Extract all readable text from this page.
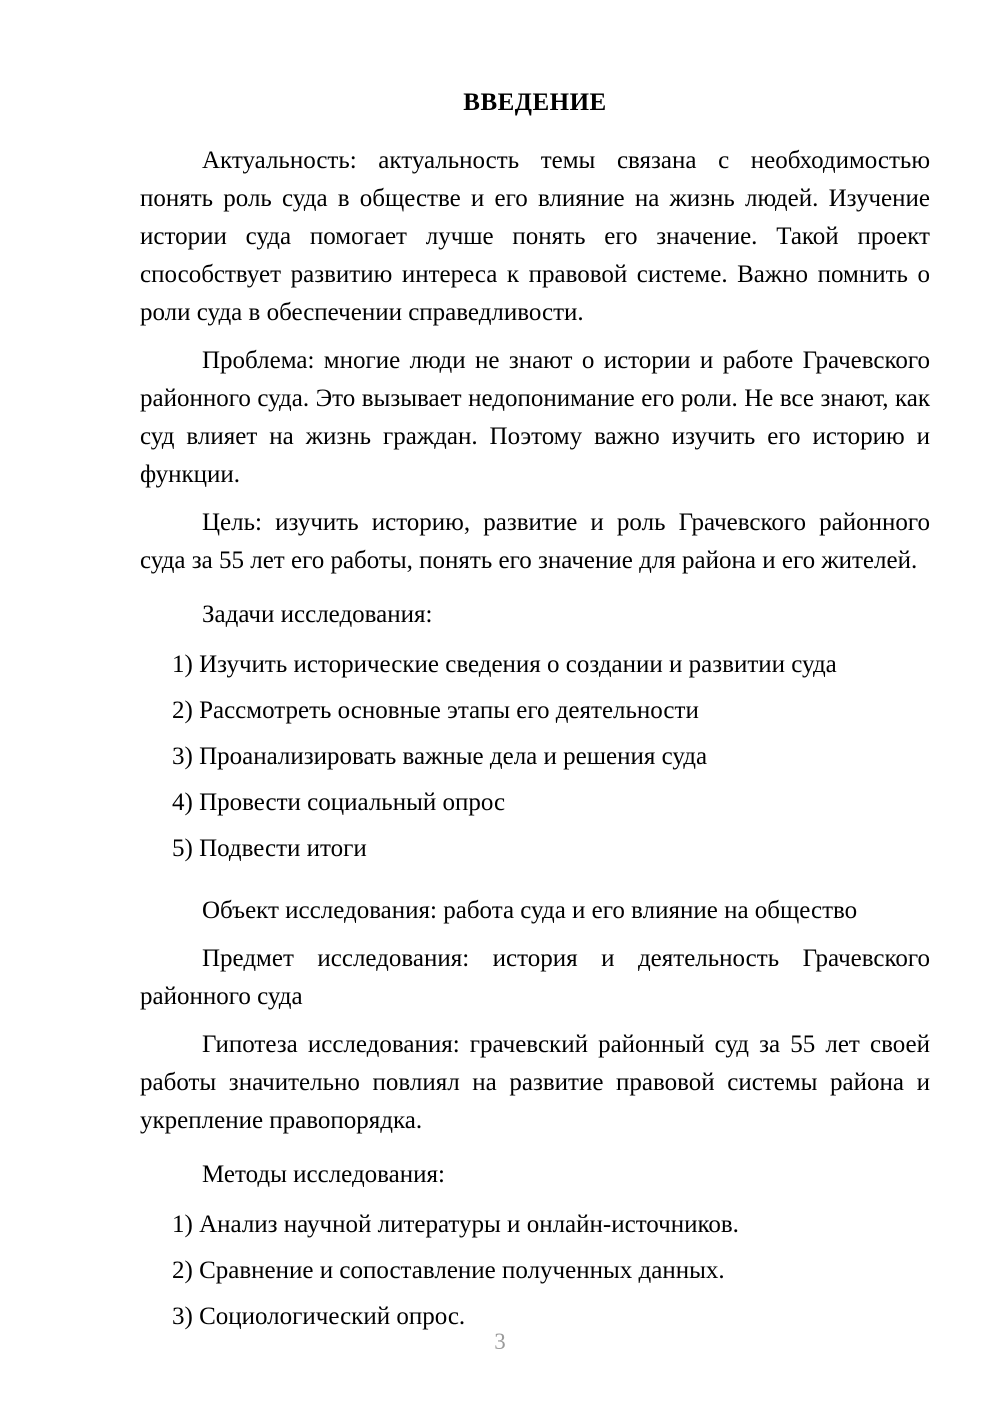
ВВЕДЕНИЕ

Актуальность: актуальность темы связана с необходимостью понять роль суда в обществе и его влияние на жизнь людей. Изучение истории суда помогает лучше понять его значение. Такой проект способствует развитию интереса к правовой системе. Важно помнить о роли суда в обеспечении справедливости.

Проблема: многие люди не знают о истории и работе Грачевского районного суда. Это вызывает недопонимание его роли. Не все знают, как суд влияет на жизнь граждан. Поэтому важно изучить его историю и функции.

Цель: изучить историю, развитие и роль Грачевского районного суда за 55 лет его работы, понять его значение для района и его жителей.

Задачи исследования:

1) Изучить исторические сведения о создании и развитии суда
2) Рассмотреть основные этапы его деятельности
3) Проанализировать важные дела и решения суда
4) Провести социальный опрос
5) Подвести итоги

Объект исследования: работа суда и его влияние на общество

Предмет исследования: история и деятельность Грачевского районного суда

Гипотеза исследования: грачевский районный суд за 55 лет своей работы значительно повлиял на развитие правовой системы района и укрепление правопорядка.

Методы исследования:

1) Анализ научной литературы и онлайн-источников.
2) Сравнение и сопоставление полученных данных.
3) Социологический опрос.
3
